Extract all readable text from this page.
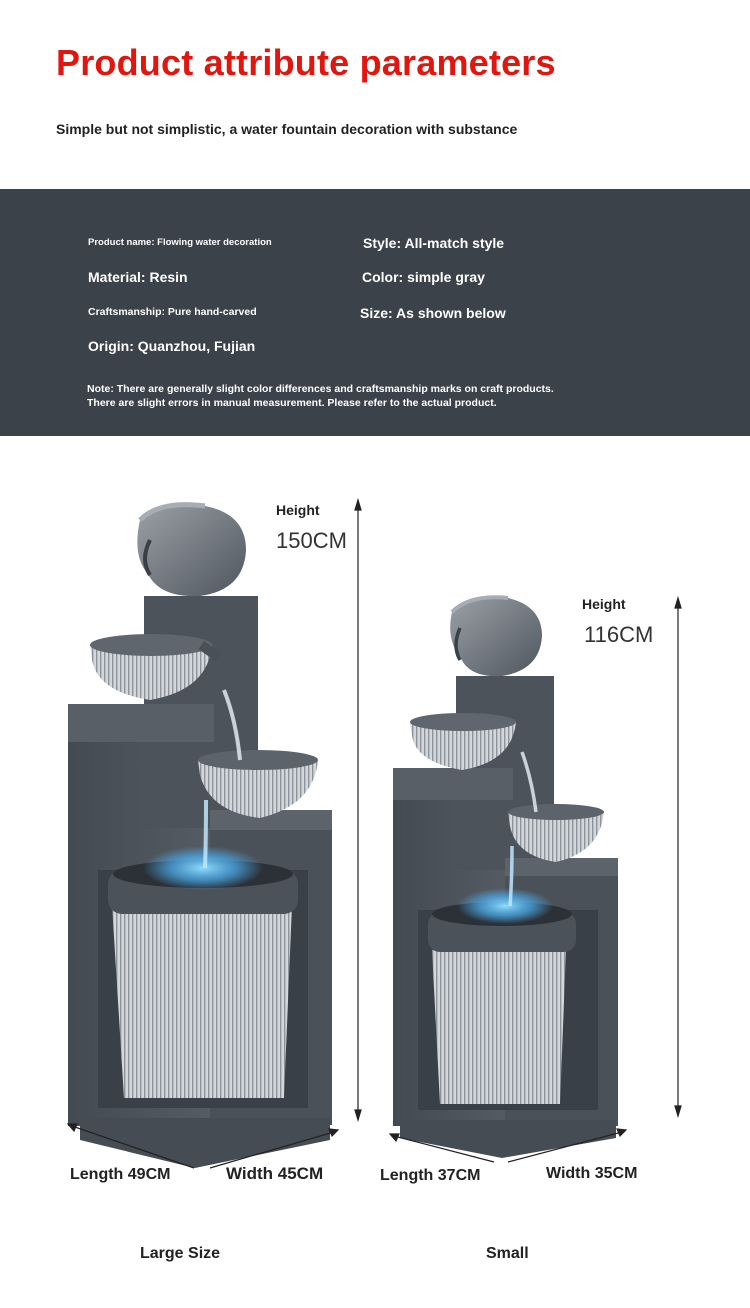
Product attribute parameters
Simple but not simplistic, a water fountain decoration with substance
Product name: Flowing water decoration	Style: All-match style
Material: Resin	Color: simple gray
Craftsmanship: Pure hand-carved	Size: As shown below
Origin: Quanzhou, Fujian
Note: There are generally slight color differences and craftsmanship marks on craft products.
There are slight errors in manual measurement. Please refer to the actual product.
Height
150CM
Length 49CM	Width 45CM
Large Size
Height
116CM
Length 37CM	Width 35CM
Small
